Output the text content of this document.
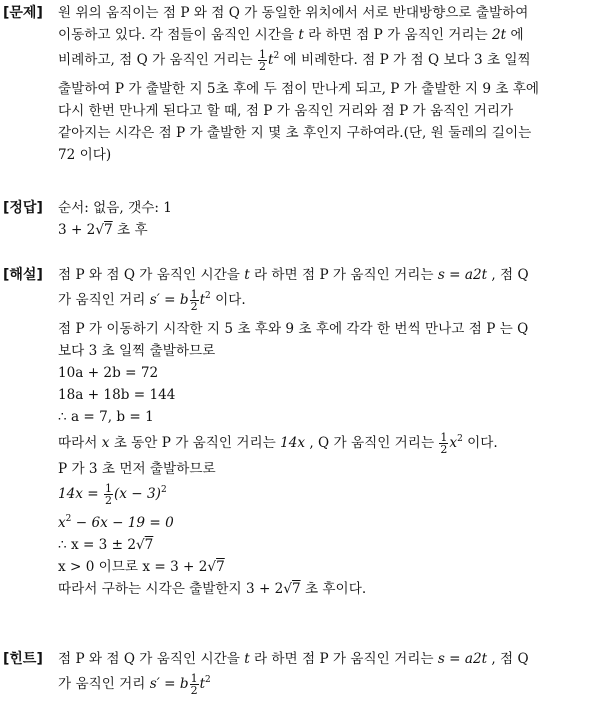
[문제] 원 위의 움직이는 점 P 와 점 Q 가 동일한 위치에서 서로 반대방향으로 출발하여
이동하고 있다. 각 점들이 움직인 시간을 t 라 하면 점 P 가 움직인 거리는 2t 에
비례하고, 점 Q 가 움직인 거리는 $\frac{1}{2} t^2$ 에 비례한다. 점 P 가 점 Q 보다 3 초 일찍
출발하여 P 가 출발한 지 5초 후에 두 점이 만나게 되고, P 가 출발한 지 9 초 후에
다시 한번 만나게 된다고 할 때, 점 P 가 움직인 거리와 점 P 가 움직인 거리가
같아지는 시각은 점 P 가 출발한 지 몇 초 후인지 구하여라.(단, 원 둘레의 길이는
72 이다)
[정답] 순서: 없음, 갯수: 1
3 + 2√7 초 후
[해설] 점 P 와 점 Q 가 움직인 시간을 t 라 하면 점 P 가 움직인 거리는 s = a2t , 점 Q
가 움직인 거리 s′ = b $\frac{1}{2} t^2$ 이다.
점 P 가 이동하기 시작한 지 5 초 후와 9 초 후에 각각 한 번씩 만나고 점 P 는 Q
보다 3 초 일찍 출발하므로
10a + 2b = 72
18a + 18b = 144
∴ a = 7, b = 1
따라서 x 초 동안 P 가 움직인 거리는 14x , Q 가 움직인 거리는 $\frac{1}{2} x^2$ 이다.
P 가 3 초 먼저 출발하므로
$14x = \frac{1}{2} (x - 3)^2$
$x^2 - 6x - 19 = 0$
∴ x = 3 ± 2√7
x > 0 이므로 x = 3 + 2√7
따라서 구하는 시각은 출발한지 3 + 2√7 초 후이다.
[힌트] 점 P 와 점 Q 가 움직인 시간을 t 라 하면 점 P 가 움직인 거리는 s = a2t , 점 Q
가 움직인 거리 s′ = b $\frac{1}{2} t^2$
